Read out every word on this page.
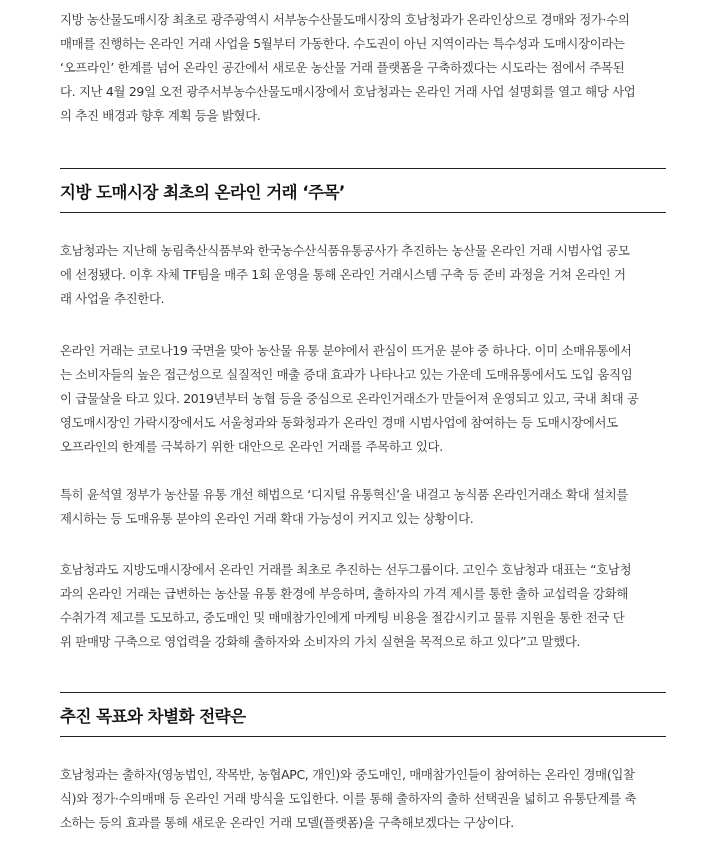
지방 농산물도매시장 최초로 광주광역시 서부농수산물도매시장의 호남청과가 온라인상으로 경매와 정가·수의
매매를 진행하는 온라인 거래 사업을 5월부터 가동한다. 수도권이 아닌 지역이라는 특수성과 도매시장이라는
‘오프라인’ 한계를 넘어 온라인 공간에서 새로운 농산물 거래 플랫폼을 구축하겠다는 시도라는 점에서 주목된
다. 지난 4월 29일 오전 광주서부농수산물도매시장에서 호남청과는 온라인 거래 사업 설명회를 열고 해당 사업
의 추진 배경과 향후 계획 등을 밝혔다.
지방 도매시장 최초의 온라인 거래 ‘주목’
호남청과는 지난해 농림축산식품부와 한국농수산식품유통공사가 추진하는 농산물 온라인 거래 시범사업 공모
에 선정됐다. 이후 자체 TF팀을 매주 1회 운영을 통해 온라인 거래시스템 구축 등 준비 과정을 거쳐 온라인 거
래 사업을 추진한다.
온라인 거래는 코로나19 국면을 맞아 농산물 유통 분야에서 관심이 뜨거운 분야 중 하나다. 이미 소매유통에서
는 소비자들의 높은 접근성으로 실질적인 매출 증대 효과가 나타나고 있는 가운데 도매유통에서도 도입 움직임
이 급물살을 타고 있다. 2019년부터 농협 등을 중심으로 온라인거래소가 만들어져 운영되고 있고, 국내 최대 공
영도매시장인 가락시장에서도 서울청과와 동화청과가 온라인 경매 시범사업에 참여하는 등 도매시장에서도
오프라인의 한계를 극복하기 위한 대안으로 온라인 거래를 주목하고 있다.
특히 윤석열 정부가 농산물 유통 개선 해법으로 ‘디지털 유통혁신’을 내걸고 농식품 온라인거래소 확대 설치를
제시하는 등 도매유통 분야의 온라인 거래 확대 가능성이 커지고 있는 상황이다.
호남청과도 지방도매시장에서 온라인 거래를 최초로 추진하는 선두그룹이다. 고인수 호남청과 대표는 “호남청
과의 온라인 거래는 급변하는 농산물 유통 환경에 부응하며, 출하자의 가격 제시를 통한 출하 교섭력을 강화해
수취가격 제고를 도모하고, 중도매인 및 매매참가인에게 마케팅 비용을 절감시키고 물류 지원을 통한 전국 단
위 판매망 구축으로 영업력을 강화해 출하자와 소비자의 가치 실현을 목적으로 하고 있다”고 말했다.
추진 목표와 차별화 전략은
호남청과는 출하자(영농법인, 작목반, 농협APC, 개인)와 중도매인, 매매참가인들이 참여하는 온라인 경매(입찰
식)와 정가·수의매매 등 온라인 거래 방식을 도입한다. 이를 통해 출하자의 출하 선택권을 넓히고 유통단계를 축
소하는 등의 효과를 통해 새로운 온라인 거래 모델(플랫폼)을 구축해보겠다는 구상이다.
